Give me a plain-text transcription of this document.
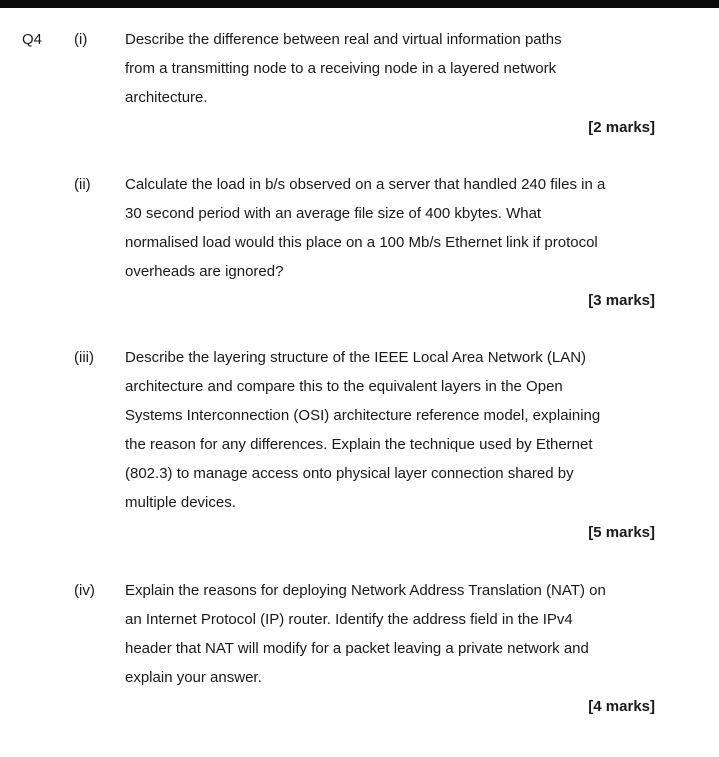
Q4 (i)	Describe the difference between real and virtual information paths
from a transmitting node to a receiving node in a layered network
architecture.
[2 marks]
(ii) Calculate the load in b/s observed on a server that handled 240 files in a
30 second period with an average file size of 400 kbytes. What
normalised load would this place on a 100 Mb/s Ethernet link if protocol
overheads are ignored?
[3 marks]
(iii) Describe the layering structure of the IEEE Local Area Network (LAN)
architecture and compare this to the equivalent layers in the Open
Systems Interconnection (OSI) architecture reference model, explaining
the reason for any differences. Explain the technique used by Ethernet
(802.3) to manage access onto physical layer connection shared by
multiple devices.
[5 marks]
(iv) Explain the reasons for deploying Network Address Translation (NAT) on
an Internet Protocol (IP) router. Identify the address field in the IPv4
header that NAT will modify for a packet leaving a private network and
explain your answer.
[4 marks]
